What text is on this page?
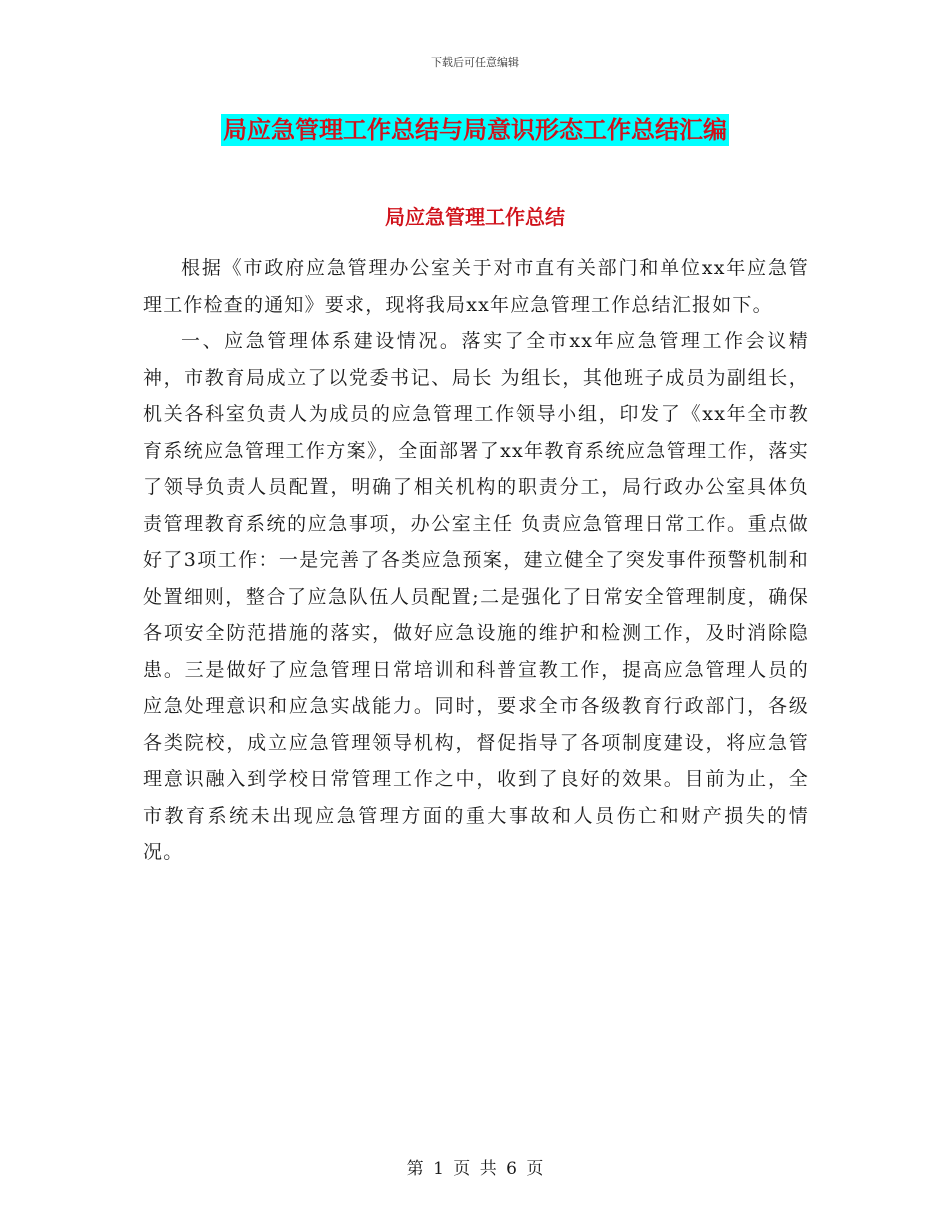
下载后可任意编辑
局应急管理工作总结与局意识形态工作总结汇编
局应急管理工作总结

根据《市政府应急管理办公室关于对市直有关部门和单位xx年应急管理工作检查的通知》要求，现将我局xx年应急管理工作总结汇报如下。

一、应急管理体系建设情况。落实了全市xx年应急管理工作会议精神，市教育局成立了以党委书记、局长 为组长，其他班子成员为副组长，机关各科室负责人为成员的应急管理工作领导小组，印发了《xx年全市教育系统应急管理工作方案》，全面部署了xx年教育系统应急管理工作，落实了领导负责人员配置，明确了相关机构的职责分工，局行政办公室具体负责管理教育系统的应急事项，办公室主任 负责应急管理日常工作。重点做好了3项工作：一是完善了各类应急预案，建立健全了突发事件预警机制和处置细则，整合了应急队伍人员配置;二是强化了日常安全管理制度，确保各项安全防范措施的落实，做好应急设施的维护和检测工作，及时消除隐患。三是做好了应急管理日常培训和科普宣教工作，提高应急管理人员的应急处理意识和应急实战能力。同时，要求全市各级教育行政部门，各级各类院校，成立应急管理领导机构，督促指导了各项制度建设，将应急管理意识融入到学校日常管理工作之中，收到了良好的效果。目前为止，全市教育系统未出现应急管理方面的重大事故和人员伤亡和财产损失的情况。

第 1 页 共 6 页
